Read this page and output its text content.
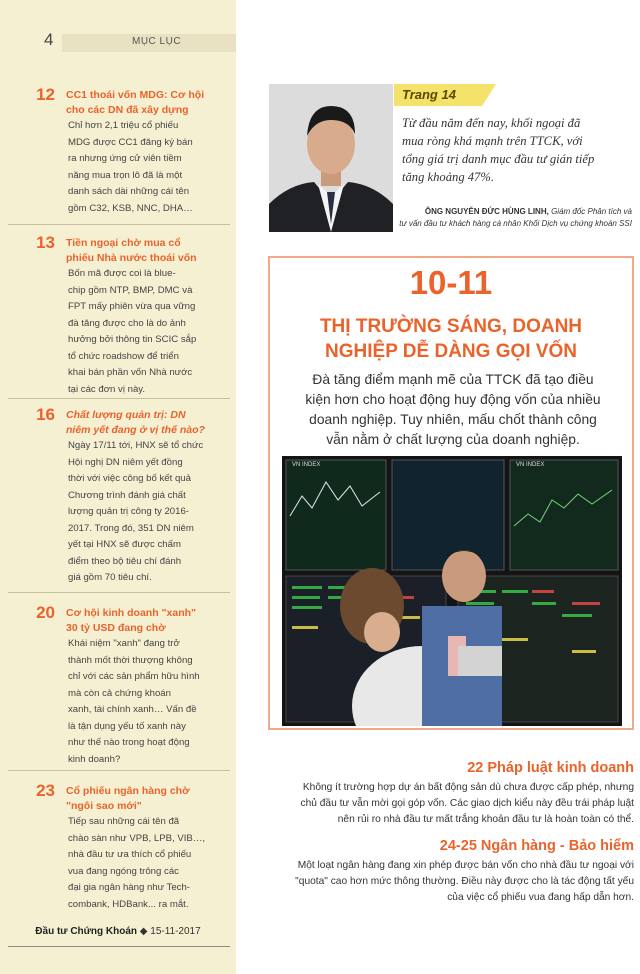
4	MỤC LỤC
12 CC1 thoái vốn MDG: Cơ hội
cho các DN đã xây dựng
Chỉ hơn 2,1 triệu cổ phiếu
MDG được CC1 đăng ký bán
ra nhưng ứng cử viên tiềm
năng mua trọn lô đã là một
danh sách dài những cái tên
gồm C32, KSB, NNC, DHA…
13 Tiền ngoại chờ mua cổ
phiếu Nhà nước thoái vốn
Bốn mã được coi là blue-
chip gồm NTP, BMP, DMC và
FPT mấy phiên vừa qua vững
đà tăng được cho là do ảnh
hưởng bởi thông tin SCIC sắp
tổ chức roadshow để triển
khai bán phần vốn Nhà nước
tại các đơn vị này.
16 Chất lượng quản trị: DN
niêm yết đang ở vị thế nào?
Ngày 17/11 tới, HNX sẽ tổ chức
Hội nghị DN niêm yết đồng
thời với việc công bố kết quả
Chương trình đánh giá chất
lượng quản trị công ty 2016-
2017. Trong đó, 351 DN niêm
yết tại HNX sẽ được chấm
điểm theo bộ tiêu chí đánh
giá gồm 70 tiêu chí.
20 Cơ hội kinh doanh "xanh"
30 tỷ USD đang chờ
Khái niệm "xanh" đang trở
thành mốt thời thượng không
chỉ với các sản phẩm hữu hình
mà còn cả chứng khoán
xanh, tài chính xanh… Vấn đề
là tận dụng yếu tố xanh này
như thế nào trong hoạt động
kinh doanh?
23 Cổ phiếu ngân hàng chờ
"ngôi sao mới"
Tiếp sau những cái tên đã
chào sàn như VPB, LPB, VIB…,
nhà đầu tư ưa thích cổ phiếu
vua đang ngóng trông các
đại gia ngân hàng như Tech-
combank, HDBank... ra mắt.
Đầu tư Chứng Khoán ◆ 15-11-2017
Trang 14
Từ đầu năm đến nay, khối ngoại đã
mua ròng khá mạnh trên TTCK, với
tổng giá trị danh mục đầu tư gián tiếp
tăng khoảng 47%.
ÔNG NGUYỄN ĐỨC HÙNG LINH, Giám đốc Phân tích và
tư vấn đầu tư khách hàng cá nhân Khối Dịch vụ chứng khoán SSI
10-11
THỊ TRƯỜNG SÁNG, DOANH
NGHIỆP DỄ DÀNG GỌI VỐN
Đà tăng điểm mạnh mẽ của TTCK đã tạo điều
kiện hơn cho hoạt động huy động vốn của nhiều
doanh nghiệp. Tuy nhiên, mấu chốt thành công
vẫn nằm ở chất lượng của doanh nghiệp.
VN INDEX	VN INDEX
22 Pháp luật kinh doanh
Không ít trường hợp dự án bất động sản dù chưa được cấp phép, nhưng
chủ đầu tư vẫn mời gọi góp vốn. Các giao dịch kiểu này đều trái pháp luật
nên rủi ro nhà đầu tư mất trắng khoản đầu tư là hoàn toàn có thể.
24-25 Ngân hàng - Bảo hiểm
Một loạt ngân hàng đang xin phép được bán vốn cho nhà đầu tư ngoại với
"quota" cao hơn mức thông thường. Điều này được cho là tác động tất yếu
của việc cổ phiếu vua đang hấp dẫn hơn.
